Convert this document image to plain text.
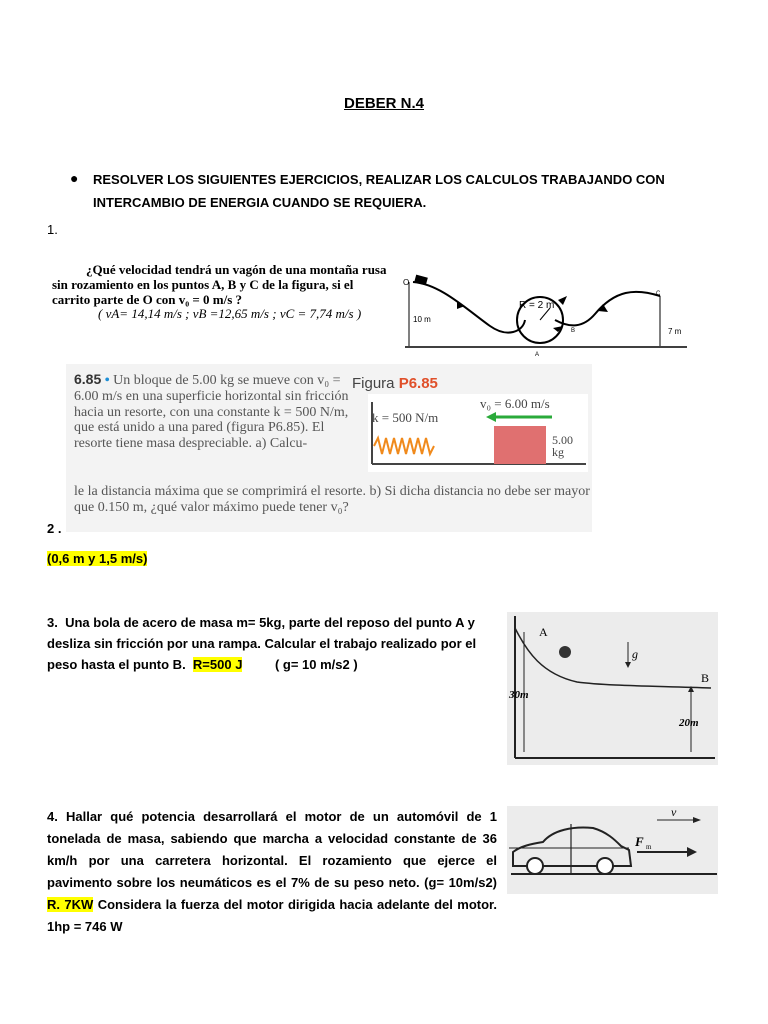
DEBER N.4
● RESOLVER LOS SIGUIENTES EJERCICIOS, REALIZAR LOS CALCULOS TRABAJANDO CON INTERCAMBIO DE ENERGIA CUANDO SE REQUIERA.
1.
¿Qué velocidad tendrá un vagón de una montaña rusa
sin rozamiento en los puntos A, B y C de la figura, si el
carrito parte de O con v₀ = 0 m/s ?
( vA= 14,14 m/s ; vB =12,65 m/s ; vC = 7,74 m/s )	10 m
7 m
R = 2 m
O
A
B
C
6.85 • Un bloque de 5.00 kg se mueve con v₀ = 6.00 m/s en una superficie horizontal sin fricción hacia un resorte, con una constante k = 500 N/m, que está unido a una pared (figura P6.85). El resorte tiene masa despreciable. a) Calcu-
Figura P6.85
k = 500 N/m
v₀ = 6.00 m/s
5.00
kg
le la distancia máxima que se comprimirá el resorte. b) Si dicha distancia no debe ser mayor que 0.150 m, ¿qué valor máximo puede tener v₀?
2 .
(0,6 m y 1,5 m/s)
3. Una bola de acero de masa m= 5kg, parte del reposo del punto A y desliza sin fricción por una rampa. Calcular el trabajo realizado por el peso hasta el punto B. R=500 J	( g= 10 m/s2 )
A
B
g
30m
20m
4. Hallar qué potencia desarrollará el motor de un automóvil de 1 tonelada de masa, sabiendo que marcha a velocidad constante de 36 km/h por una carretera horizontal. El rozamiento que ejerce el pavimento sobre los neumáticos es el 7% de su peso neto. (g= 10m/s2) R. 7KW Considera la fuerza del motor dirigida hacia adelante del motor. 1hp = 746 W
v
F m
